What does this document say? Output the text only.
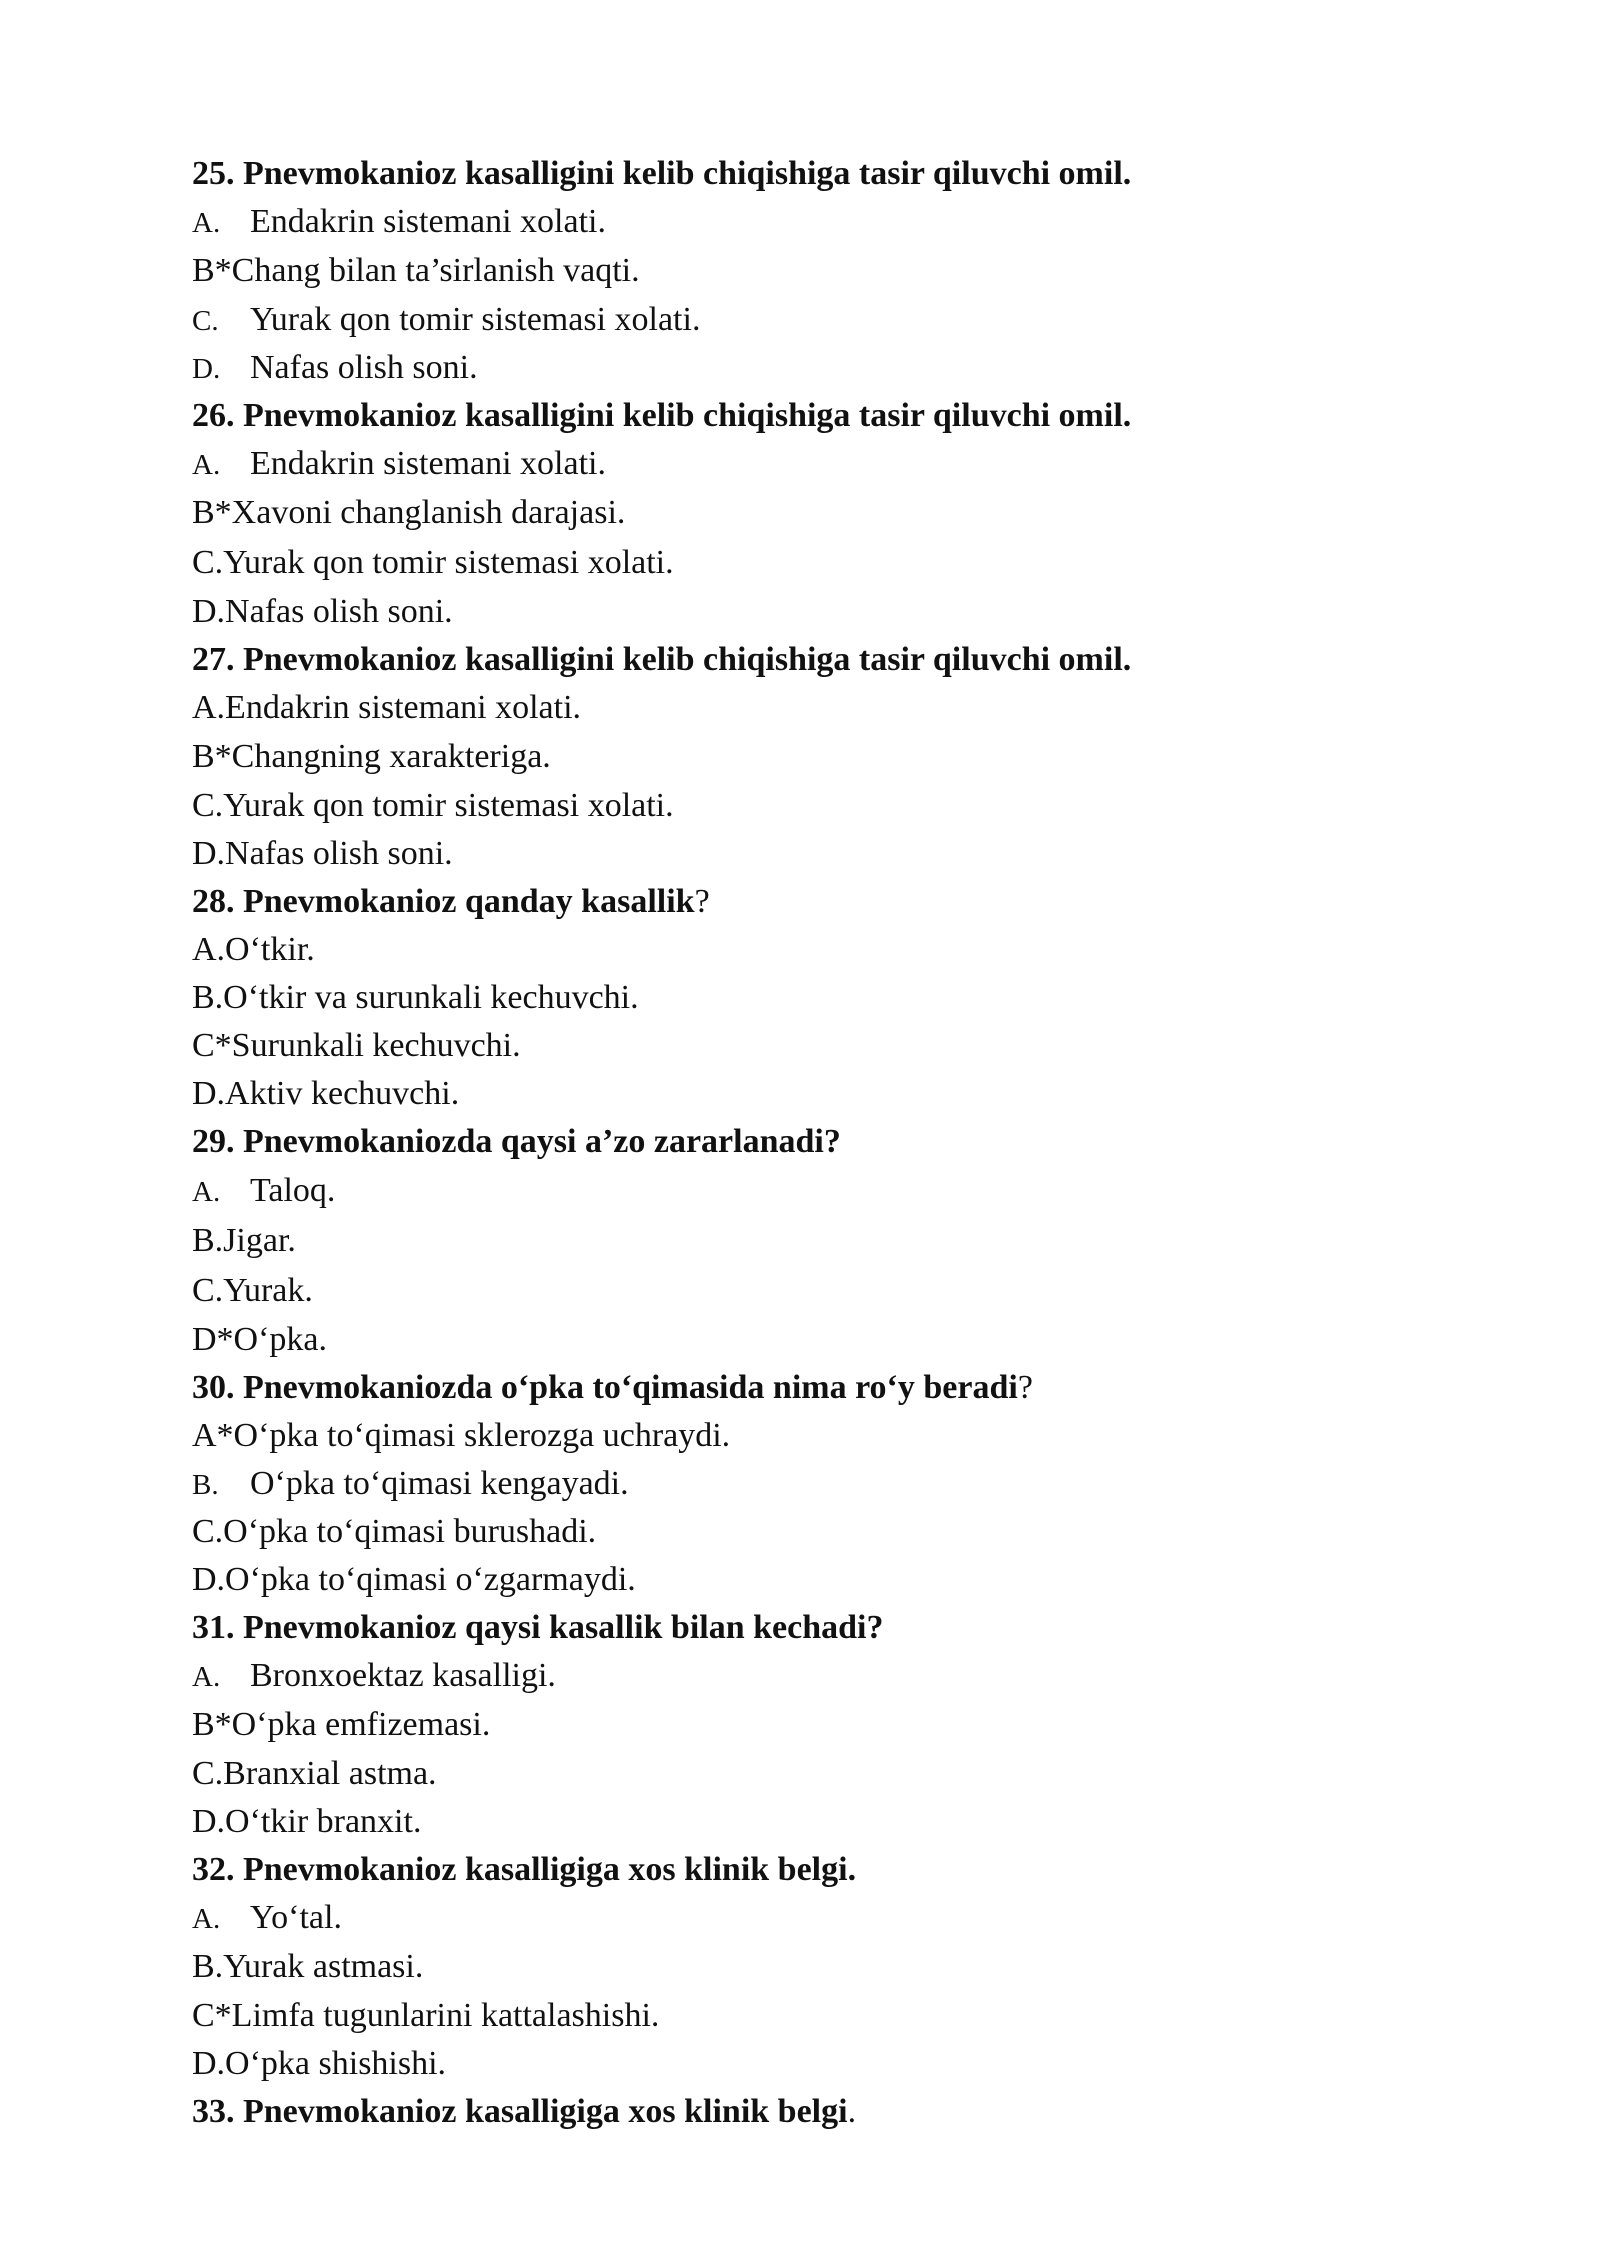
25. Pnevmokanioz kasalligini kelib chiqishiga tasir qiluvchi omil.

A. Endakrin sistemani xolati.

B*Chang bilan ta’sirlanish vaqti.

C. Yurak qon tomir sistemasi xolati.

D. Nafas olish soni.

26. Pnevmokanioz kasalligini kelib chiqishiga tasir qiluvchi omil.

A. Endakrin sistemani xolati.

B*Xavoni changlanish darajasi.

C.Yurak qon tomir sistemasi xolati.

D.Nafas olish soni.

27. Pnevmokanioz kasalligini kelib chiqishiga tasir qiluvchi omil.

A.Endakrin sistemani xolati.

B*Changning xarakteriga.

C.Yurak qon tomir sistemasi xolati.

D.Nafas olish soni.

28. Pnevmokanioz qanday kasallik?

A.O‘tkir.

B.O‘tkir va surunkali kechuvchi.

C*Surunkali kechuvchi.

D.Aktiv kechuvchi.

29. Pnevmokaniozda qaysi a’zo zararlanadi?

A. Taloq.

B.Jigar.

C.Yurak.

D*O‘pka.

30. Pnevmokaniozda o‘pka to‘qimasida nima ro‘y beradi?

A*O‘pka to‘qimasi sklerozga uchraydi.

B. O‘pka to‘qimasi kengayadi.

C.O‘pka to‘qimasi burushadi.

D.O‘pka to‘qimasi o‘zgarmaydi.

31. Pnevmokanioz qaysi kasallik bilan kechadi?

A. Bronxoektaz kasalligi.

B*O‘pka emfizemasi.

C.Branxial astma.

D.O‘tkir branxit.

32. Pnevmokanioz kasalligiga xos klinik belgi.

A. Yo‘tal.

B.Yurak astmasi.

C*Limfa tugunlarini kattalashishi.

D.O‘pka shishishi.

33. Pnevmokanioz kasalligiga xos klinik belgi.
